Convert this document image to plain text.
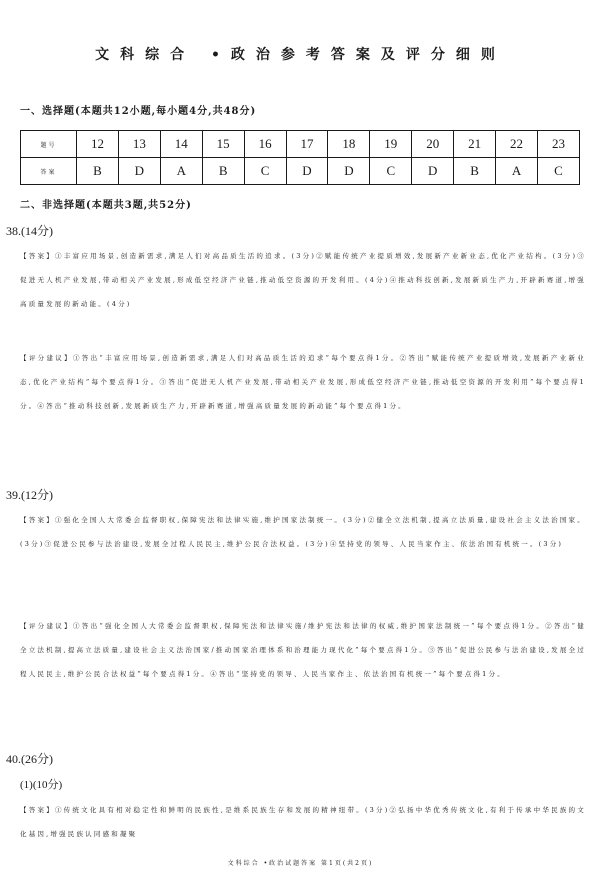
文科综合 •政治参考答案及评分细则
一、选择题(本题共12小题,每小题4分,共48分)
题号	12	13	14	15	16	17	18	19	20	21	22	23
答案	B	D	A	B	C	D	D	C	D	B	A	C
二、非选择题(本题共3题,共52分)
38.(14分)
【答案】①丰富应用场景,创造新需求,满足人们对高品质生活的追求。(3分)②赋能传统产业提质增效,发展新产业新业态,优化产业结构。(3分)③促进无人机产业发展,带动相关产业发展,形成低空经济产业链,推动低空资源的开发利用。(4分)④推动科技创新,发展新质生产力,开辟新赛道,增强高质量发展的新动能。(4分)
【评分建议】①答出“丰富应用场景,创造新需求,满足人们对高品质生活的追求”每个要点得1分。②答出“赋能传统产业提质增效,发展新产业新业态,优化产业结构”每个要点得1分。③答出“促进无人机产业发展,带动相关产业发展,形成低空经济产业链,推动低空资源的开发利用”每个要点得1分。④答出“推动科技创新,发展新质生产力,开辟新赛道,增强高质量发展的新动能”每个要点得1分。
39.(12分)
【答案】①强化全国人大常委会监督职权,保障宪法和法律实施,维护国家法制统一。(3分)②健全立法机制,提高立法质量,建设社会主义法治国家。(3分)③促进公民参与法治建设,发展全过程人民民主,维护公民合法权益。(3分)④坚持党的领导、人民当家作主、依法治国有机统一。(3分)
【评分建议】①答出“强化全国人大常委会监督职权,保障宪法和法律实施/维护宪法和法律的权威,维护国家法制统一”每个要点得1分。②答出“健全立法机制,提高立法质量,建设社会主义法治国家/推动国家治理体系和治理能力现代化”每个要点得1分。③答出“促进公民参与法治建设,发展全过程人民民主,维护公民合法权益”每个要点得1分。④答出“坚持党的领导、人民当家作主、依法治国有机统一”每个要点得1分。
40.(26分)
(1)(10分)
【答案】①传统文化具有相对稳定性和鲜明的民族性,是维系民族生存和发展的精神纽带。(3分)②弘扬中华优秀传统文化,有利于传承中华民族的文化基因,增强民族认同感和凝聚
文科综合 •政治试题答案 第1页(共2页)
